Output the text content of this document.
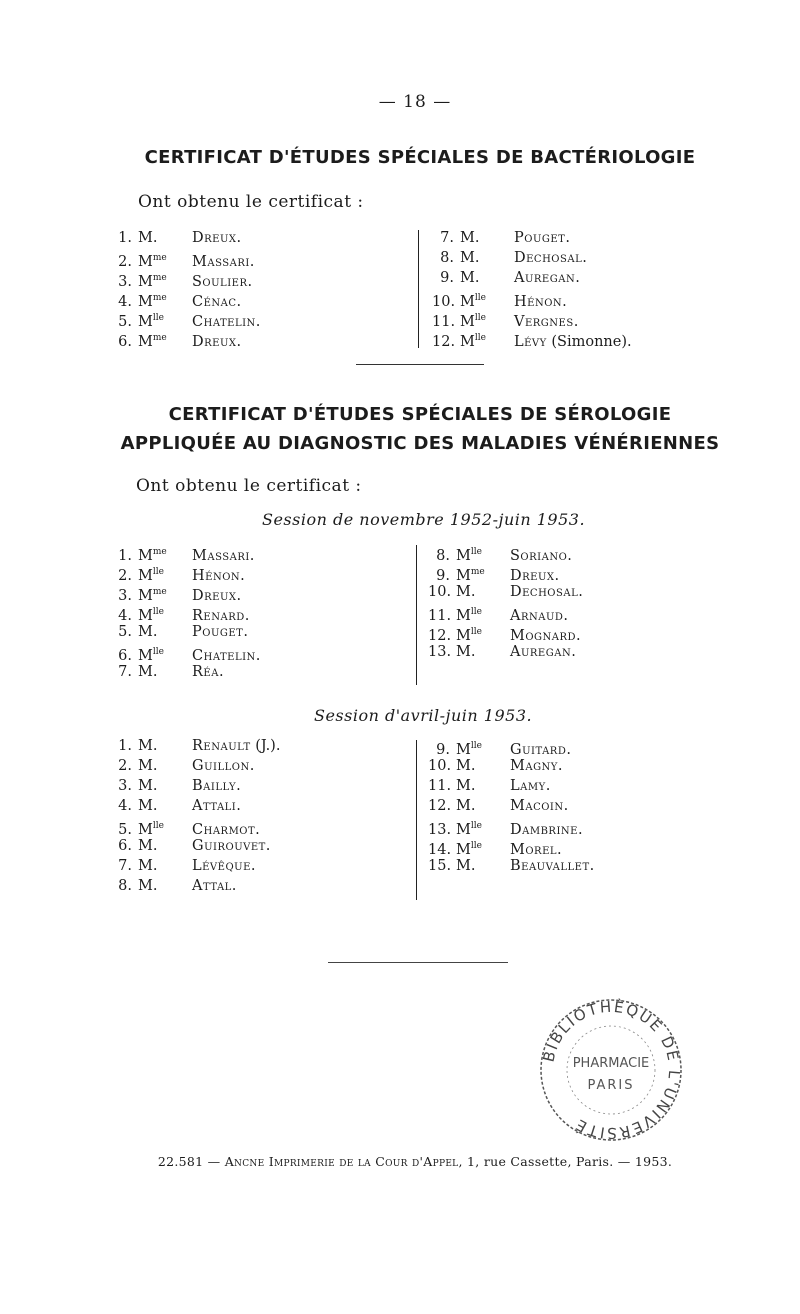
— 18 —
CERTIFICAT D'ÉTUDES SPÉCIALES DE BACTÉRIOLOGIE
Ont obtenu le certificat :
1. M. Dreux.
2. $M^{me}$ Massari.
3. $M^{me}$ Soulier.
4. $M^{me}$ Cénac.
5. $M^{lle}$ Chatelin.
6. $M^{me}$ Dreux.
7. M. Pouget.
8. M. Dechosal.
9. M. Auregan.
10. $M^{lle}$ Hénon.
11. $M^{lle}$ Vergnes.
12. $M^{lle}$ Lévy (Simonne).
CERTIFICAT D'ÉTUDES SPÉCIALES DE SÉROLOGIE
APPLIQUÉE AU DIAGNOSTIC DES MALADIES VÉNÉRIENNES
Ont obtenu le certificat :
Session de novembre 1952-juin 1953.
1. $M^{me}$ Massari.
2. $M^{lle}$ Hénon.
3. $M^{me}$ Dreux.
4. $M^{lle}$ Renard.
5. M. Pouget.
6. $M^{lle}$ Chatelin.
7. M. Réa.
8. $M^{lle}$ Soriano.
9. $M^{me}$ Dreux.
10. M. Dechosal.
11. $M^{lle}$ Arnaud.
12. $M^{lle}$ Mognard.
13. M. Auregan.
Session d'avril-juin 1953.
1. M. Renault (J.).
2. M. Guillon.
3. M. Bailly.
4. M. Attali.
5. $M^{lle}$ Charmot.
6. M. Guirouvet.
7. M. Lévêque.
8. M. Attal.
9. $M^{lle}$ Guitard.
10. M. Magny.
11. M. Lamy.
12. M. Macoin.
13. $M^{lle}$ Dambrine.
14. $M^{lle}$ Morel.
15. M. Beauvallet.
BIBLIOTHÈQUE DE L'UNIVERSITÉ
PHARMACIE
PARIS
22.581 — Ancne Imprimerie de la Cour d'Appel, 1, rue Cassette, Paris. — 1953.
